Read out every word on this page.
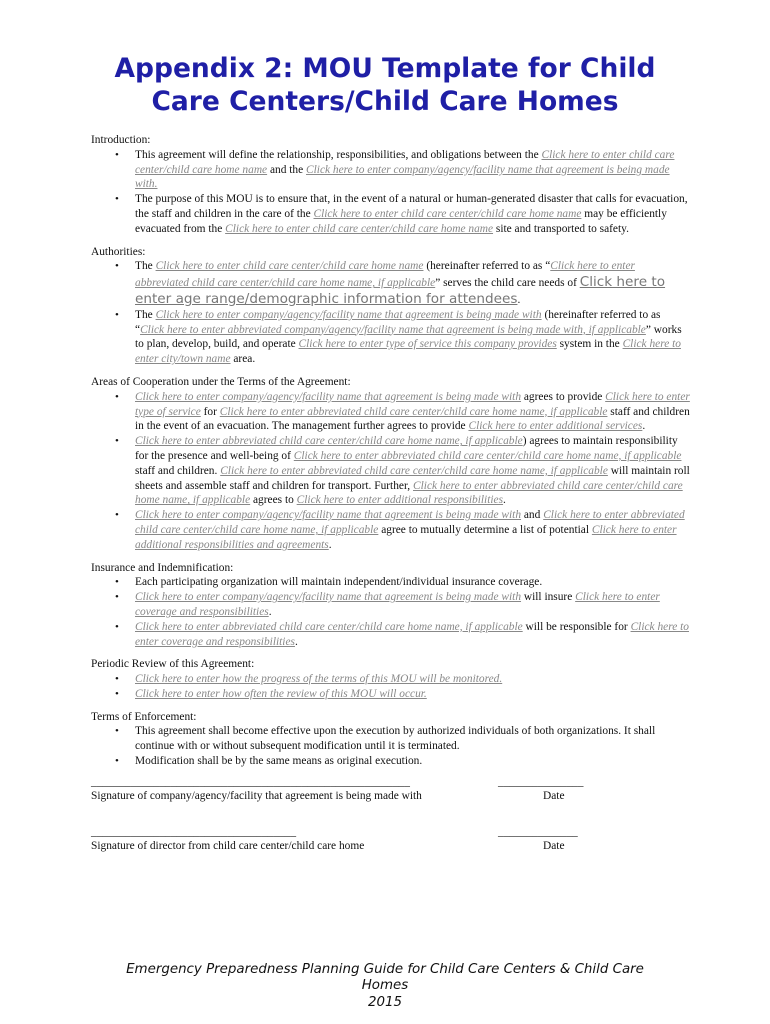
Appendix 2: MOU Template for Child
Care Centers/Child Care Homes
Introduction:
• This agreement will define the relationship, responsibilities, and obligations between the Click here to enter child care center/child care home name and the Click here to enter company/agency/facility name that agreement is being made with.
• The purpose of this MOU is to ensure that, in the event of a natural or human-generated disaster that calls for evacuation, the staff and children in the care of the Click here to enter child care center/child care home name may be efficiently evacuated from the Click here to enter child care center/child care home name site and transported to safety.
Authorities:
• The Click here to enter child care center/child care home name (hereinafter referred to as “Click here to enter abbreviated child care center/child care home name, if applicable” serves the child care needs of Click here to enter age range/demographic information for attendees.
• The Click here to enter company/agency/facility name that agreement is being made with (hereinafter referred to as “Click here to enter abbreviated company/agency/facility name that agreement is being made with, if applicable” works to plan, develop, build, and operate Click here to enter type of service this company provides system in the Click here to enter city/town name area.
Areas of Cooperation under the Terms of the Agreement:
• Click here to enter company/agency/facility name that agreement is being made with agrees to provide Click here to enter type of service for Click here to enter abbreviated child care center/child care home name, if applicable staff and children in the event of an evacuation. The management further agrees to provide Click here to enter additional services.
• Click here to enter abbreviated child care center/child care home name, if applicable) agrees to maintain responsibility for the presence and well-being of Click here to enter abbreviated child care center/child care home name, if applicable staff and children. Click here to enter abbreviated child care center/child care home name, if applicable will maintain roll sheets and assemble staff and children for transport. Further, Click here to enter abbreviated child care center/child care home name, if applicable agrees to Click here to enter additional responsibilities.
• Click here to enter company/agency/facility name that agreement is being made with and Click here to enter abbreviated child care center/child care home name, if applicable agree to mutually determine a list of potential Click here to enter additional responsibilities and agreements.
Insurance and Indemnification:
• Each participating organization will maintain independent/individual insurance coverage.
• Click here to enter company/agency/facility name that agreement is being made with will insure Click here to enter coverage and responsibilities.
• Click here to enter abbreviated child care center/child care home name, if applicable will be responsible for Click here to enter coverage and responsibilities.
Periodic Review of this Agreement:
• Click here to enter how the progress of the terms of this MOU will be monitored.
• Click here to enter how often the review of this MOU will occur.
Terms of Enforcement:
• This agreement shall become effective upon the execution by authorized individuals of both organizations. It shall continue with or without subsequent modification until it is terminated.
• Modification shall be by the same means as original execution.
________________________________________________________
Signature of company/agency/facility that agreement is being made with
_______________
Date
____________________________________
Signature of director from child care center/child care home
______________
Date
Emergency Preparedness Planning Guide for Child Care Centers & Child Care
Homes
2015
